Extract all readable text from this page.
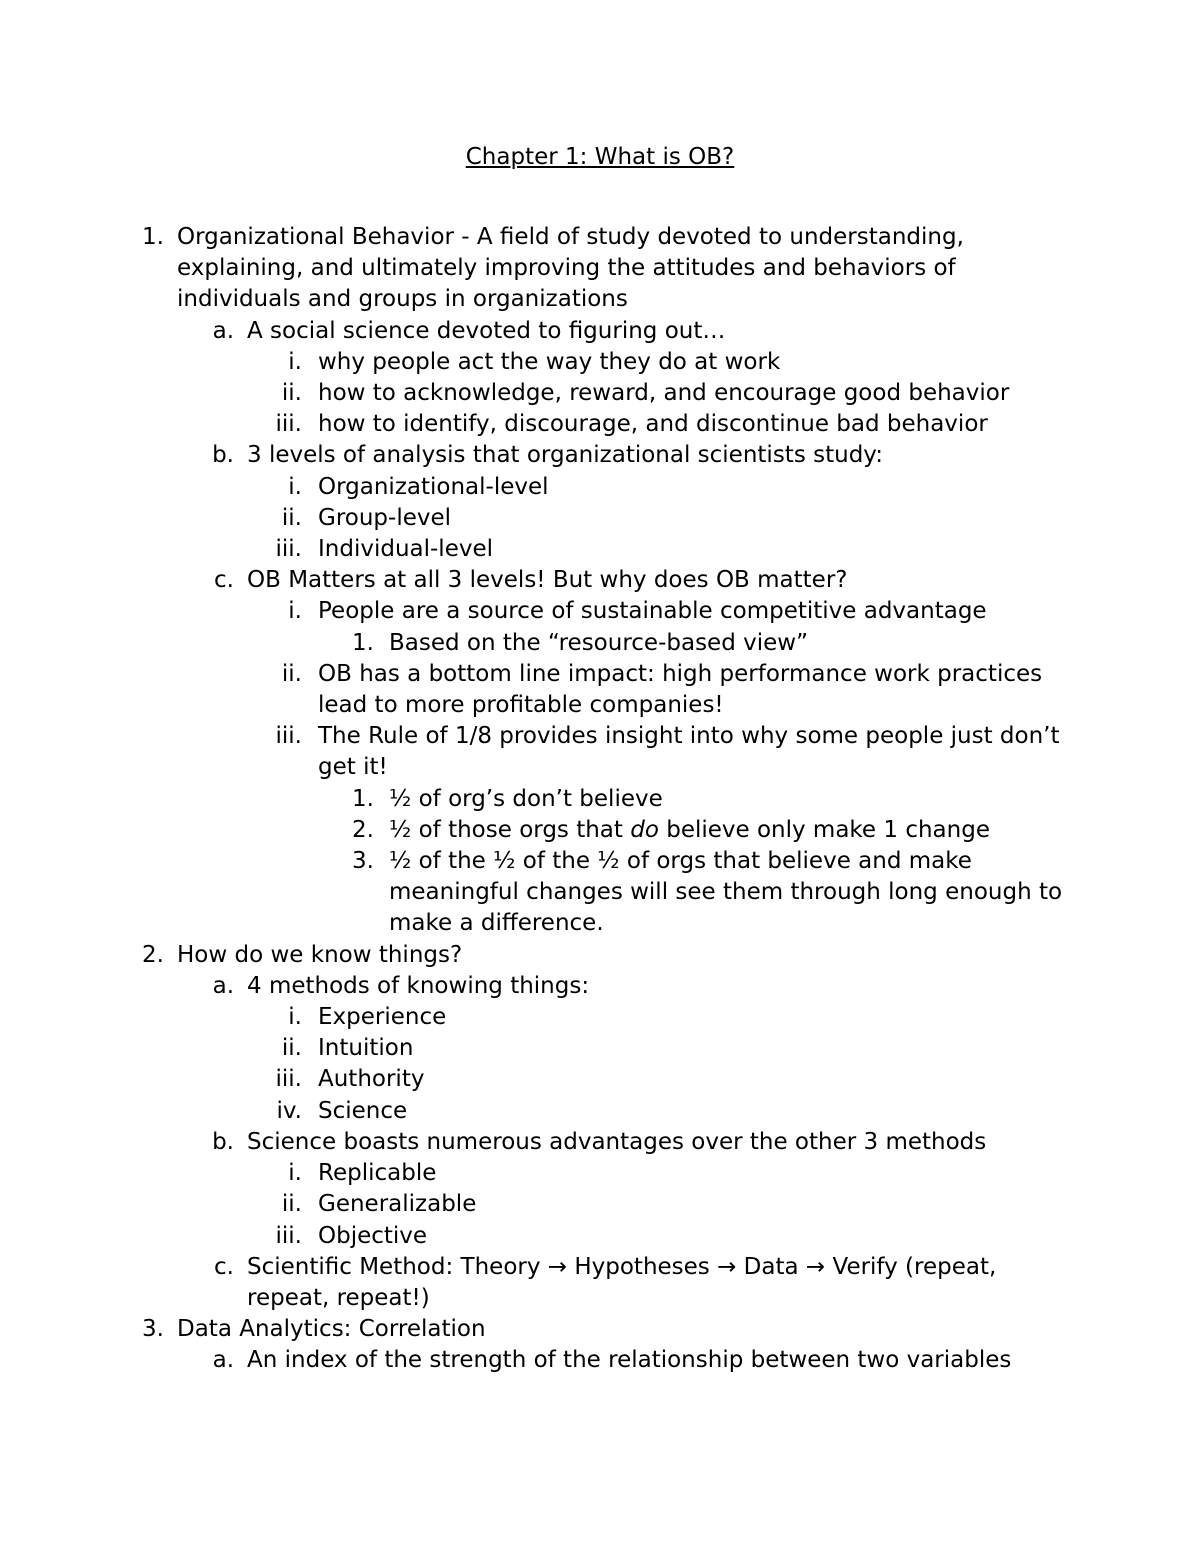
Chapter 1: What is OB?
1. Organizational Behavior - A field of study devoted to understanding, explaining, and ultimately improving the attitudes and behaviors of individuals and groups in organizations
a. A social science devoted to figuring out…
i. why people act the way they do at work
ii. how to acknowledge, reward, and encourage good behavior
iii. how to identify, discourage, and discontinue bad behavior
b. 3 levels of analysis that organizational scientists study:
i. Organizational-level
ii. Group-level
iii. Individual-level
c. OB Matters at all 3 levels! But why does OB matter?
i. People are a source of sustainable competitive advantage
1. Based on the “resource-based view”
ii. OB has a bottom line impact: high performance work practices lead to more profitable companies!
iii. The Rule of 1/8 provides insight into why some people just don’t get it!
1. ½ of org’s don’t believe
2. ½ of those orgs that do believe only make 1 change
3. ½ of the ½ of the ½ of orgs that believe and make meaningful changes will see them through long enough to make a difference.
2. How do we know things?
a. 4 methods of knowing things:
i. Experience
ii. Intuition
iii. Authority
iv. Science
b. Science boasts numerous advantages over the other 3 methods
i. Replicable
ii. Generalizable
iii. Objective
c. Scientific Method: Theory → Hypotheses → Data → Verify (repeat, repeat, repeat!)
3. Data Analytics: Correlation
a. An index of the strength of the relationship between two variables
